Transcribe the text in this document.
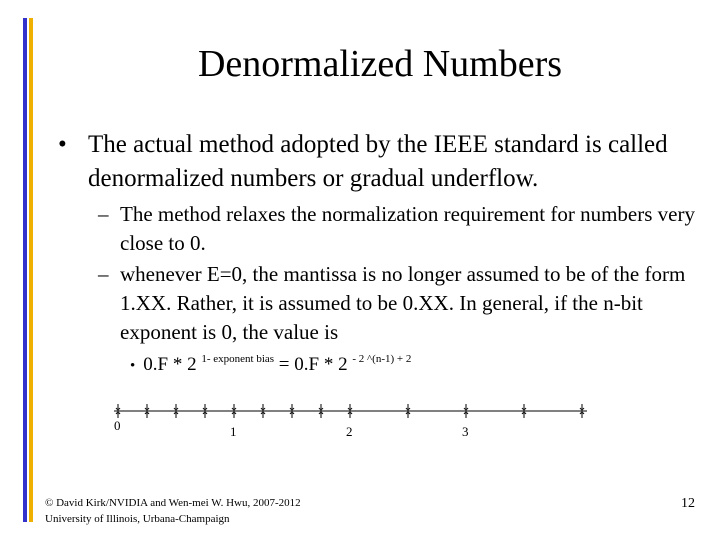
Denormalized Numbers
• The actual method adopted by the IEEE standard is called denormalized numbers or gradual underflow.
– The method relaxes the normalization requirement for numbers very close to 0.
– whenever E=0, the mantissa is no longer assumed to be of the form 1.XX. Rather, it is assumed to be 0.XX. In general, if the n-bit exponent is 0, the value is
• 0.F * 2 $^{1- exponent bias}$ = 0.F * 2 $^{- 2 \^{}(n-1) + 2}$
0	1	2	3
© David Kirk/NVIDIA and Wen-mei W. Hwu, 2007-2012
University of Illinois, Urbana-Champaign
12
